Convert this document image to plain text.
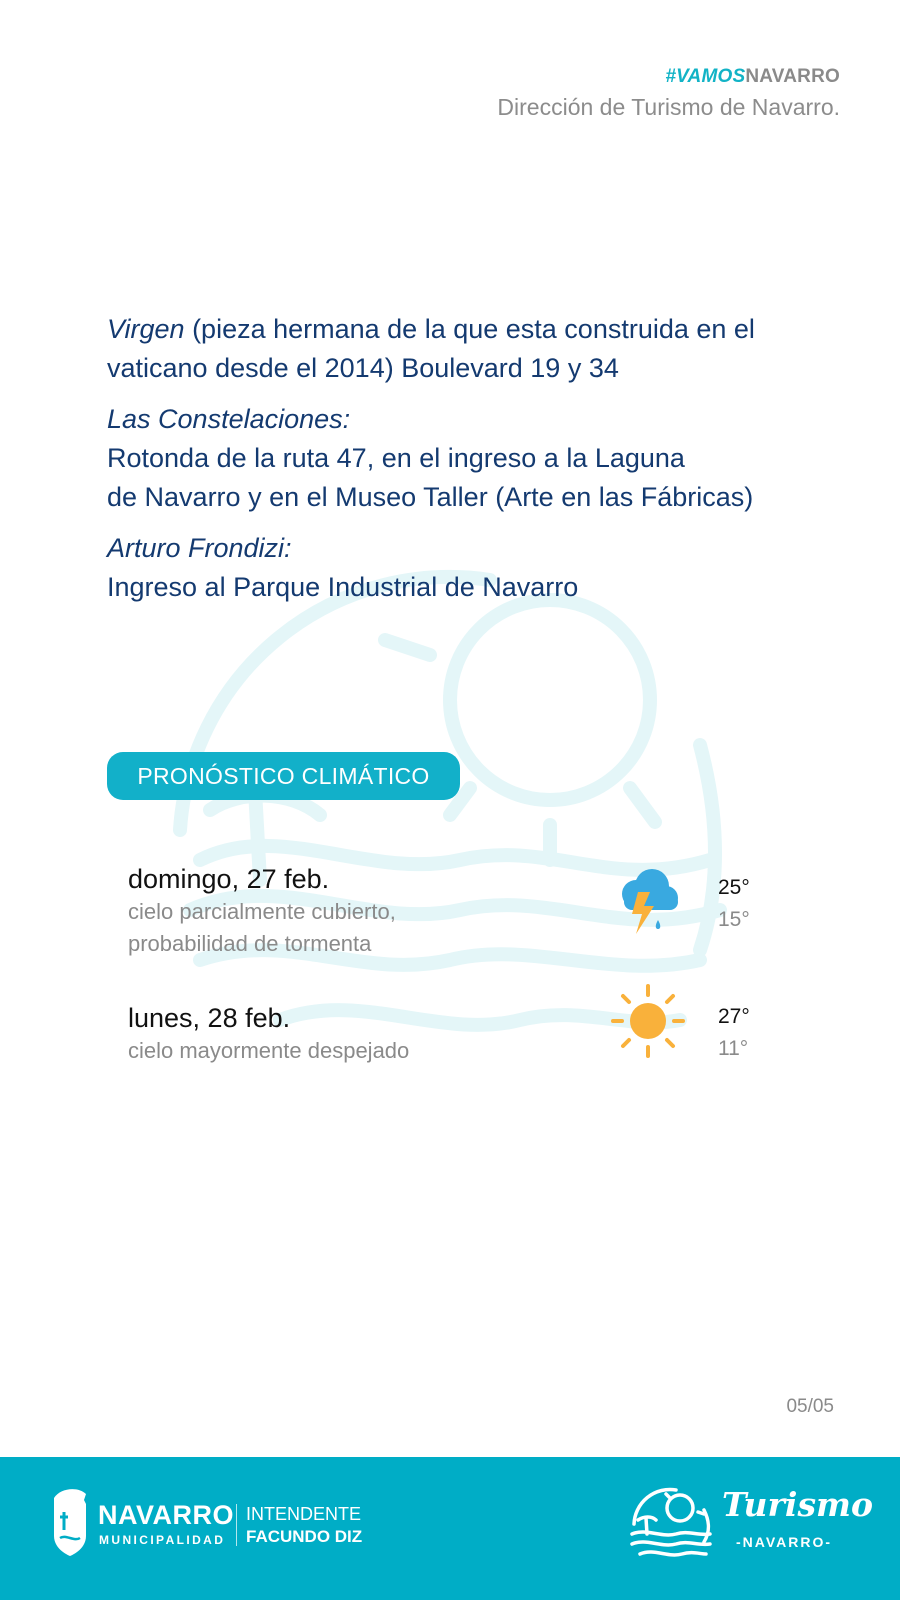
#VAMOSNAVARRO
Dirección de Turismo de Navarro.

Virgen (pieza hermana de la que esta construida en el vaticano desde el 2014) Boulevard 19 y 34

Las Constelaciones:
Rotonda de la ruta 47, en el ingreso a la Laguna
de Navarro y en el Museo Taller (Arte en las Fábricas)

Arturo Frondizi:
Ingreso al Parque Industrial de Navarro

PRONÓSTICO CLIMÁTICO
domingo, 27 feb.
cielo parcialmente cubierto, probabilidad de tormenta
25°
15°
lunes, 28 feb.
cielo mayormente despejado
27°
11°
05/05
NAVARRO
MUNICIPALIDAD
INTENDENTE
FACUNDO DIZ
Turismo
-NAVARRO-
